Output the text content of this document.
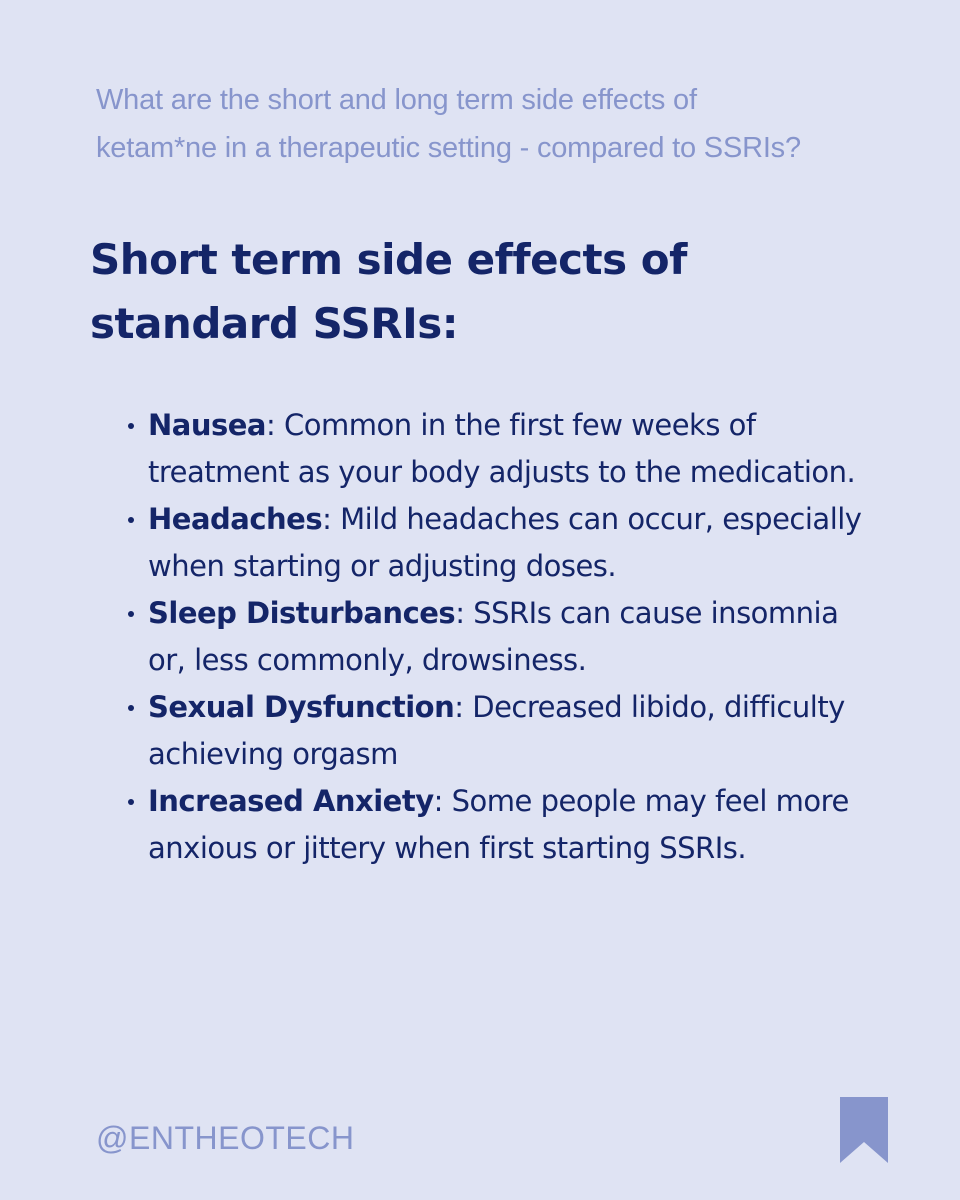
What are the short and long term side effects of
ketam*ne in a therapeutic setting - compared to SSRIs?
Short term side effects of
standard SSRIs:
Nausea: Common in the first few weeks of treatment as your body adjusts to the medication.
Headaches: Mild headaches can occur, especially when starting or adjusting doses.
Sleep Disturbances: SSRIs can cause insomnia or, less commonly, drowsiness.
Sexual Dysfunction: Decreased libido, difficulty achieving orgasm
Increased Anxiety: Some people may feel more anxious or jittery when first starting SSRIs.
@ENTHEOTECH
